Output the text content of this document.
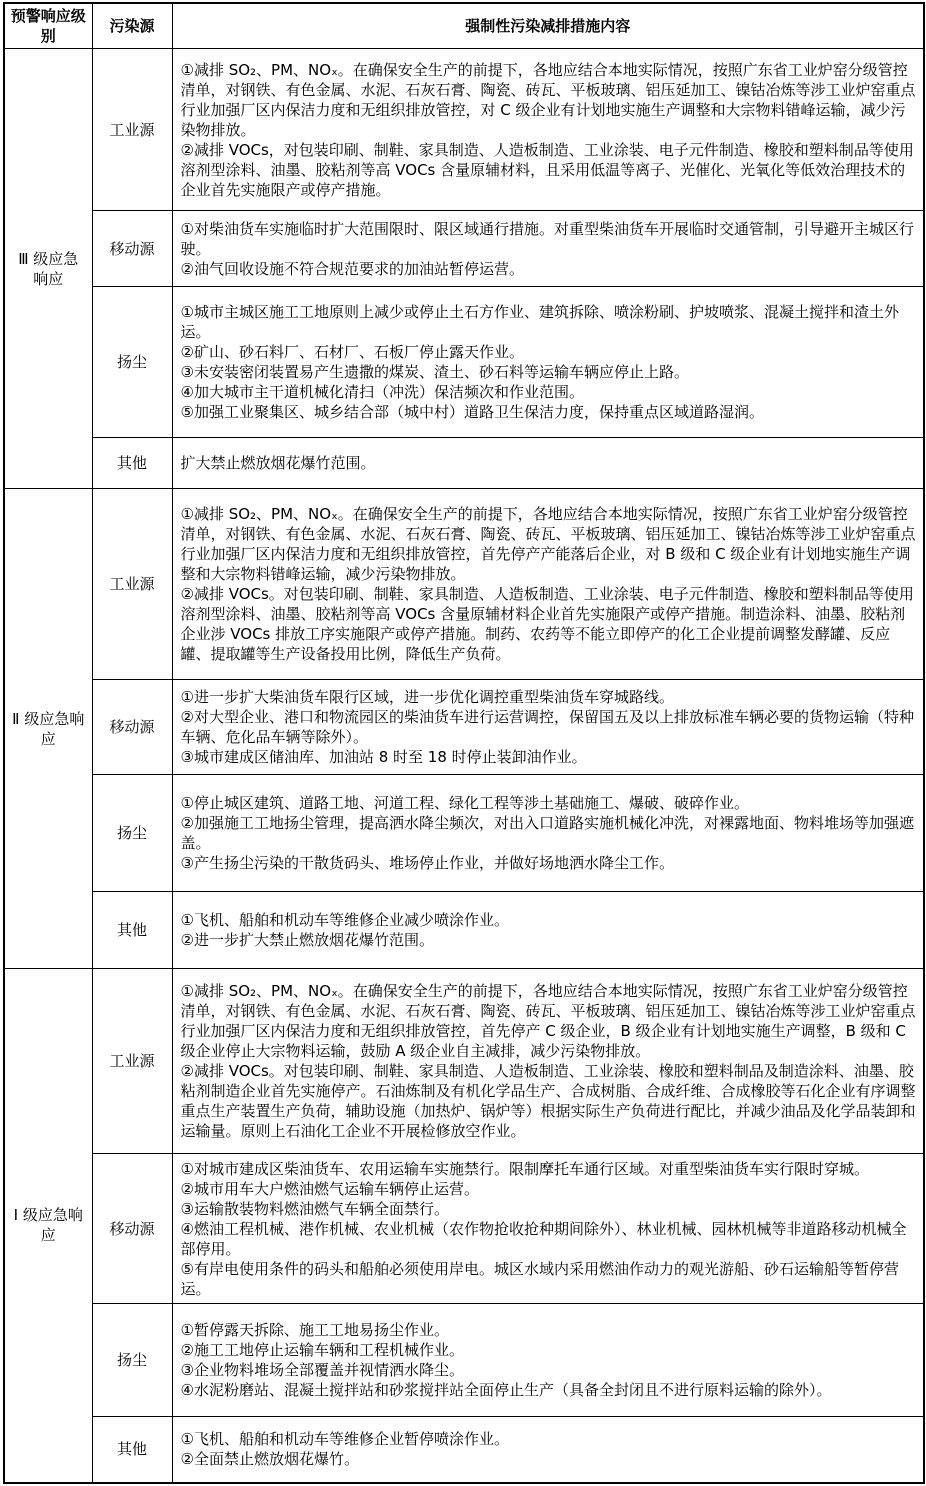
预警响应级别	污染源	强制性污染减排措施内容
Ⅲ 级应急响应	工业源	①减排 SO₂、PM、NOₓ。在确保安全生产的前提下，各地应结合本地实际情况，按照广东省工业炉窑分级管控清单，对钢铁、有色金属、水泥、石灰石膏、陶瓷、砖瓦、平板玻璃、铝压延加工、镍钴冶炼等涉工业炉窑重点行业加强厂区内保洁力度和无组织排放管控，对 C 级企业有计划地实施生产调整和大宗物料错峰运输，减少污染物排放。
②减排 VOCs，对包装印刷、制鞋、家具制造、人造板制造、工业涂装、电子元件制造、橡胶和塑料制品等使用溶剂型涂料、油墨、胶粘剂等高 VOCs 含量原辅材料，且采用低温等离子、光催化、光氧化等低效治理技术的企业首先实施限产或停产措施。

	移动源	①对柴油货车实施临时扩大范围限时、限区域通行措施。对重型柴油货车开展临时交通管制，引导避开主城区行驶。
②油气回收设施不符合规范要求的加油站暂停运营。

	扬尘	①城市主城区施工工地原则上减少或停止土石方作业、建筑拆除、喷涂粉刷、护坡喷浆、混凝土搅拌和渣土外运。
②矿山、砂石料厂、石材厂、石板厂停止露天作业。
③未安装密闭装置易产生遗撒的煤炭、渣土、砂石料等运输车辆应停止上路。
④加大城市主干道机械化清扫（冲洗）保洁频次和作业范围。
⑤加强工业聚集区、城乡结合部（城中村）道路卫生保洁力度，保持重点区域道路湿润。

	其他	扩大禁止燃放烟花爆竹范围。

Ⅱ 级应急响应	工业源	①减排 SO₂、PM、NOₓ。在确保安全生产的前提下，各地应结合本地实际情况，按照广东省工业炉窑分级管控清单，对钢铁、有色金属、水泥、石灰石膏、陶瓷、砖瓦、平板玻璃、铝压延加工、镍钴冶炼等涉工业炉窑重点行业加强厂区内保洁力度和无组织排放管控，首先停产产能落后企业，对 B 级和 C 级企业有计划地实施生产调整和大宗物料错峰运输，减少污染物排放。
②减排 VOCs。对包装印刷、制鞋、家具制造、人造板制造、工业涂装、电子元件制造、橡胶和塑料制品等使用溶剂型涂料、油墨、胶粘剂等高 VOCs 含量原辅材料企业首先实施限产或停产措施。制造涂料、油墨、胶粘剂企业涉 VOCs 排放工序实施限产或停产措施。制药、农药等不能立即停产的化工企业提前调整发酵罐、反应罐、提取罐等生产设备投用比例，降低生产负荷。

	移动源	①进一步扩大柴油货车限行区域，进一步优化调控重型柴油货车穿城路线。
②对大型企业、港口和物流园区的柴油货车进行运营调控，保留国五及以上排放标准车辆必要的货物运输（特种车辆、危化品车辆等除外）。
③城市建成区储油库、加油站 8 时至 18 时停止装卸油作业。

	扬尘	①停止城区建筑、道路工地、河道工程、绿化工程等涉土基础施工、爆破、破碎作业。
②加强施工工地扬尘管理，提高洒水降尘频次，对出入口道路实施机械化冲洗，对裸露地面、物料堆场等加强遮盖。
③产生扬尘污染的干散货码头、堆场停止作业，并做好场地洒水降尘工作。

	其他	①飞机、船舶和机动车等维修企业减少喷涂作业。
②进一步扩大禁止燃放烟花爆竹范围。

Ⅰ 级应急响应	工业源	①减排 SO₂、PM、NOₓ。在确保安全生产的前提下，各地应结合本地实际情况，按照广东省工业炉窑分级管控清单，对钢铁、有色金属、水泥、石灰石膏、陶瓷、砖瓦、平板玻璃、铝压延加工、镍钴冶炼等涉工业炉窑重点行业加强厂区内保洁力度和无组织排放管控，首先停产 C 级企业，B 级企业有计划地实施生产调整，B 级和 C 级企业停止大宗物料运输，鼓励 A 级企业自主减排，减少污染物排放。
②减排 VOCs。对包装印刷、制鞋、家具制造、人造板制造、工业涂装、橡胶和塑料制品及制造涂料、油墨、胶粘剂制造企业首先实施停产。石油炼制及有机化学品生产、合成树脂、合成纤维、合成橡胶等石化企业有序调整重点生产装置生产负荷，辅助设施（加热炉、锅炉等）根据实际生产负荷进行配比，并减少油品及化学品装卸和运输量。原则上石油化工企业不开展检修放空作业。

	移动源	①对城市建成区柴油货车、农用运输车实施禁行。限制摩托车通行区域。对重型柴油货车实行限时穿城。
②城市用车大户燃油燃气运输车辆停止运营。
③运输散装物料燃油燃气车辆全面禁行。
④燃油工程机械、港作机械、农业机械（农作物抢收抢种期间除外）、林业机械、园林机械等非道路移动机械全部停用。
⑤有岸电使用条件的码头和船舶必须使用岸电。城区水域内采用燃油作动力的观光游船、砂石运输船等暂停营运。

	扬尘	①暂停露天拆除、施工工地易扬尘作业。
②施工工地停止运输车辆和工程机械作业。
③企业物料堆场全部覆盖并视情洒水降尘。
④水泥粉磨站、混凝土搅拌站和砂浆搅拌站全面停止生产（具备全封闭且不进行原料运输的除外）。

	其他	①飞机、船舶和机动车等维修企业暂停喷涂作业。
②全面禁止燃放烟花爆竹。
